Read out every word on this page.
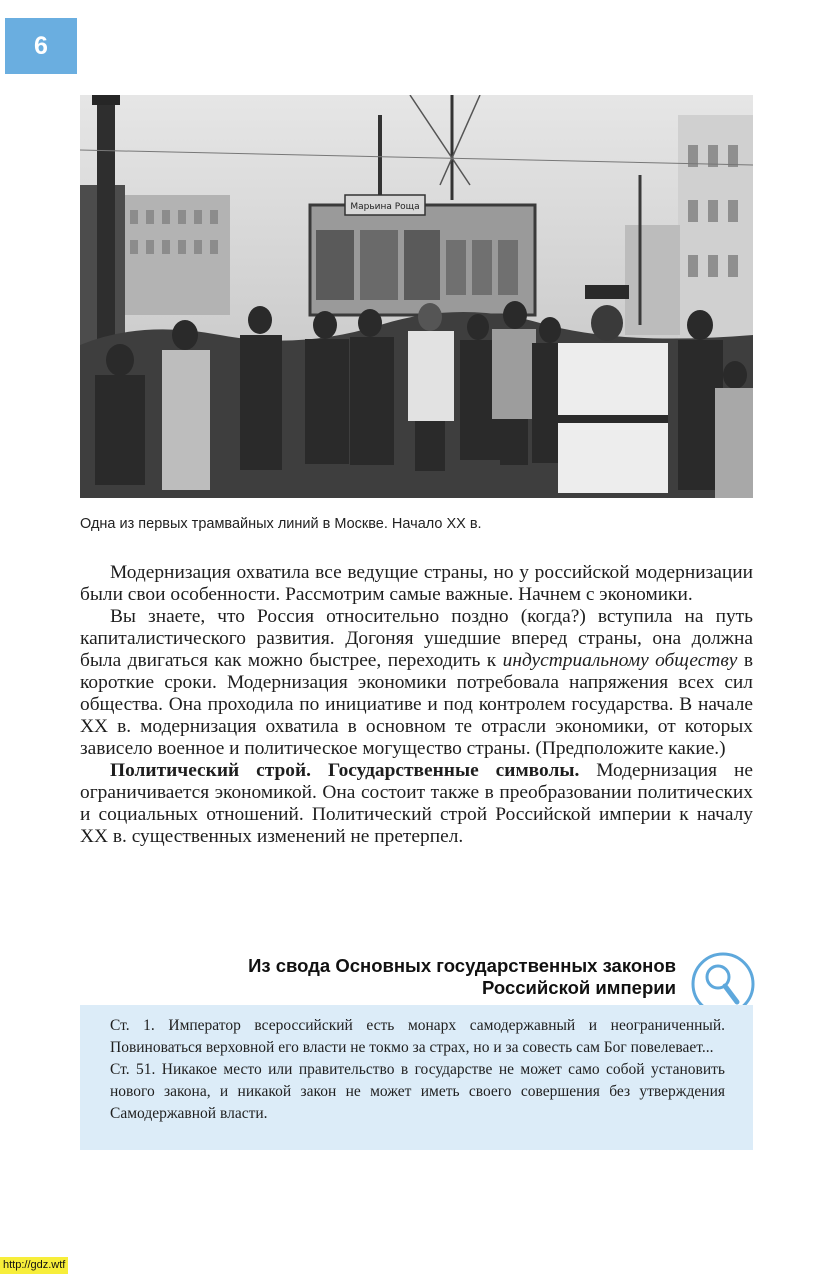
6
Марьина Роща
Одна из первых трамвайных линий в Москве. Начало XX в.

Модернизация охватила все ведущие страны, но у российской модернизации были свои особенности. Рассмотрим самые важные. Начнем с экономики.

Вы знаете, что Россия относительно поздно (когда?) вступила на путь капиталистического развития. Догоняя ушедшие вперед страны, она должна была двигаться как можно быстрее, переходить к индустриальному обществу в короткие сроки. Модернизация экономики потребовала напряжения всех сил общества. Она проходила по инициативе и под контролем государства. В начале XX в. модернизация охватила в основном те отрасли экономики, от которых зависело военное и политическое могущество страны. (Предположите какие.)

Политический строй. Государственные символы. Модернизация не ограничивается экономикой. Она состоит также в преобразовании политических и социальных отношений. Политический строй Российской империи к началу XX в. существенных изменений не претерпел.

Из свода Основных государственных законов
Российской империи

Ст. 1. Император всероссийский есть монарх самодержавный и неограниченный. Повиноваться верховной его власти не токмо за страх, но и за совесть сам Бог повелевает...

Ст. 51. Никакое место или правительство в государстве не может само собой установить нового закона, и никакой закон не может иметь своего совершения без утверждения Самодержавной власти.

http://gdz.wtf
